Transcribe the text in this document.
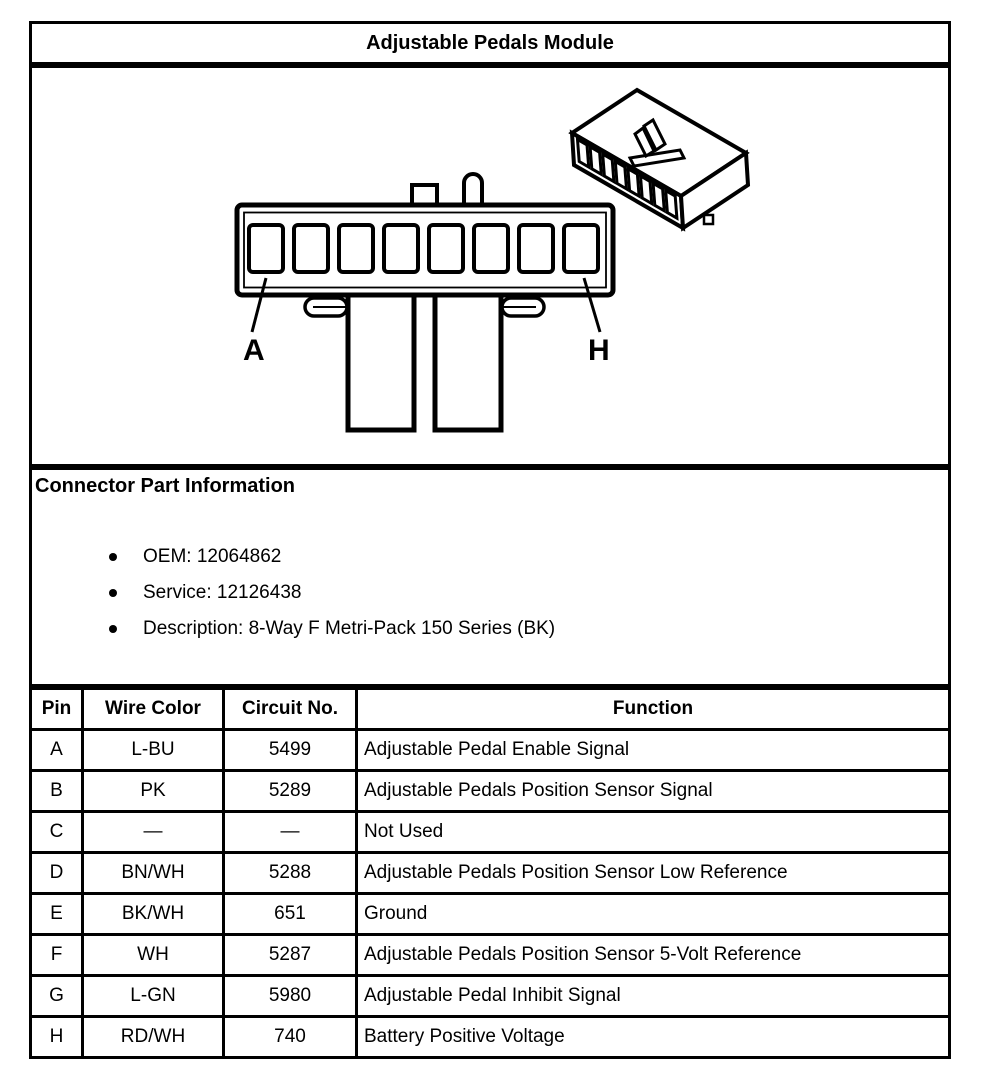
Adjustable Pedals Module
A	H
Connector Part Information
OEM: 12064862
Service: 12126438
Description: 8-Way F Metri-Pack 150 Series (BK)
Pin	Wire Color	Circuit No.	Function
A	L-BU	5499	Adjustable Pedal Enable Signal
B	PK	5289	Adjustable Pedals Position Sensor Signal
C	—	—	Not Used
D	BN/WH	5288	Adjustable Pedals Position Sensor Low Reference
E	BK/WH	651	Ground
F	WH	5287	Adjustable Pedals Position Sensor 5-Volt Reference
G	L-GN	5980	Adjustable Pedal Inhibit Signal
H	RD/WH	740	Battery Positive Voltage
